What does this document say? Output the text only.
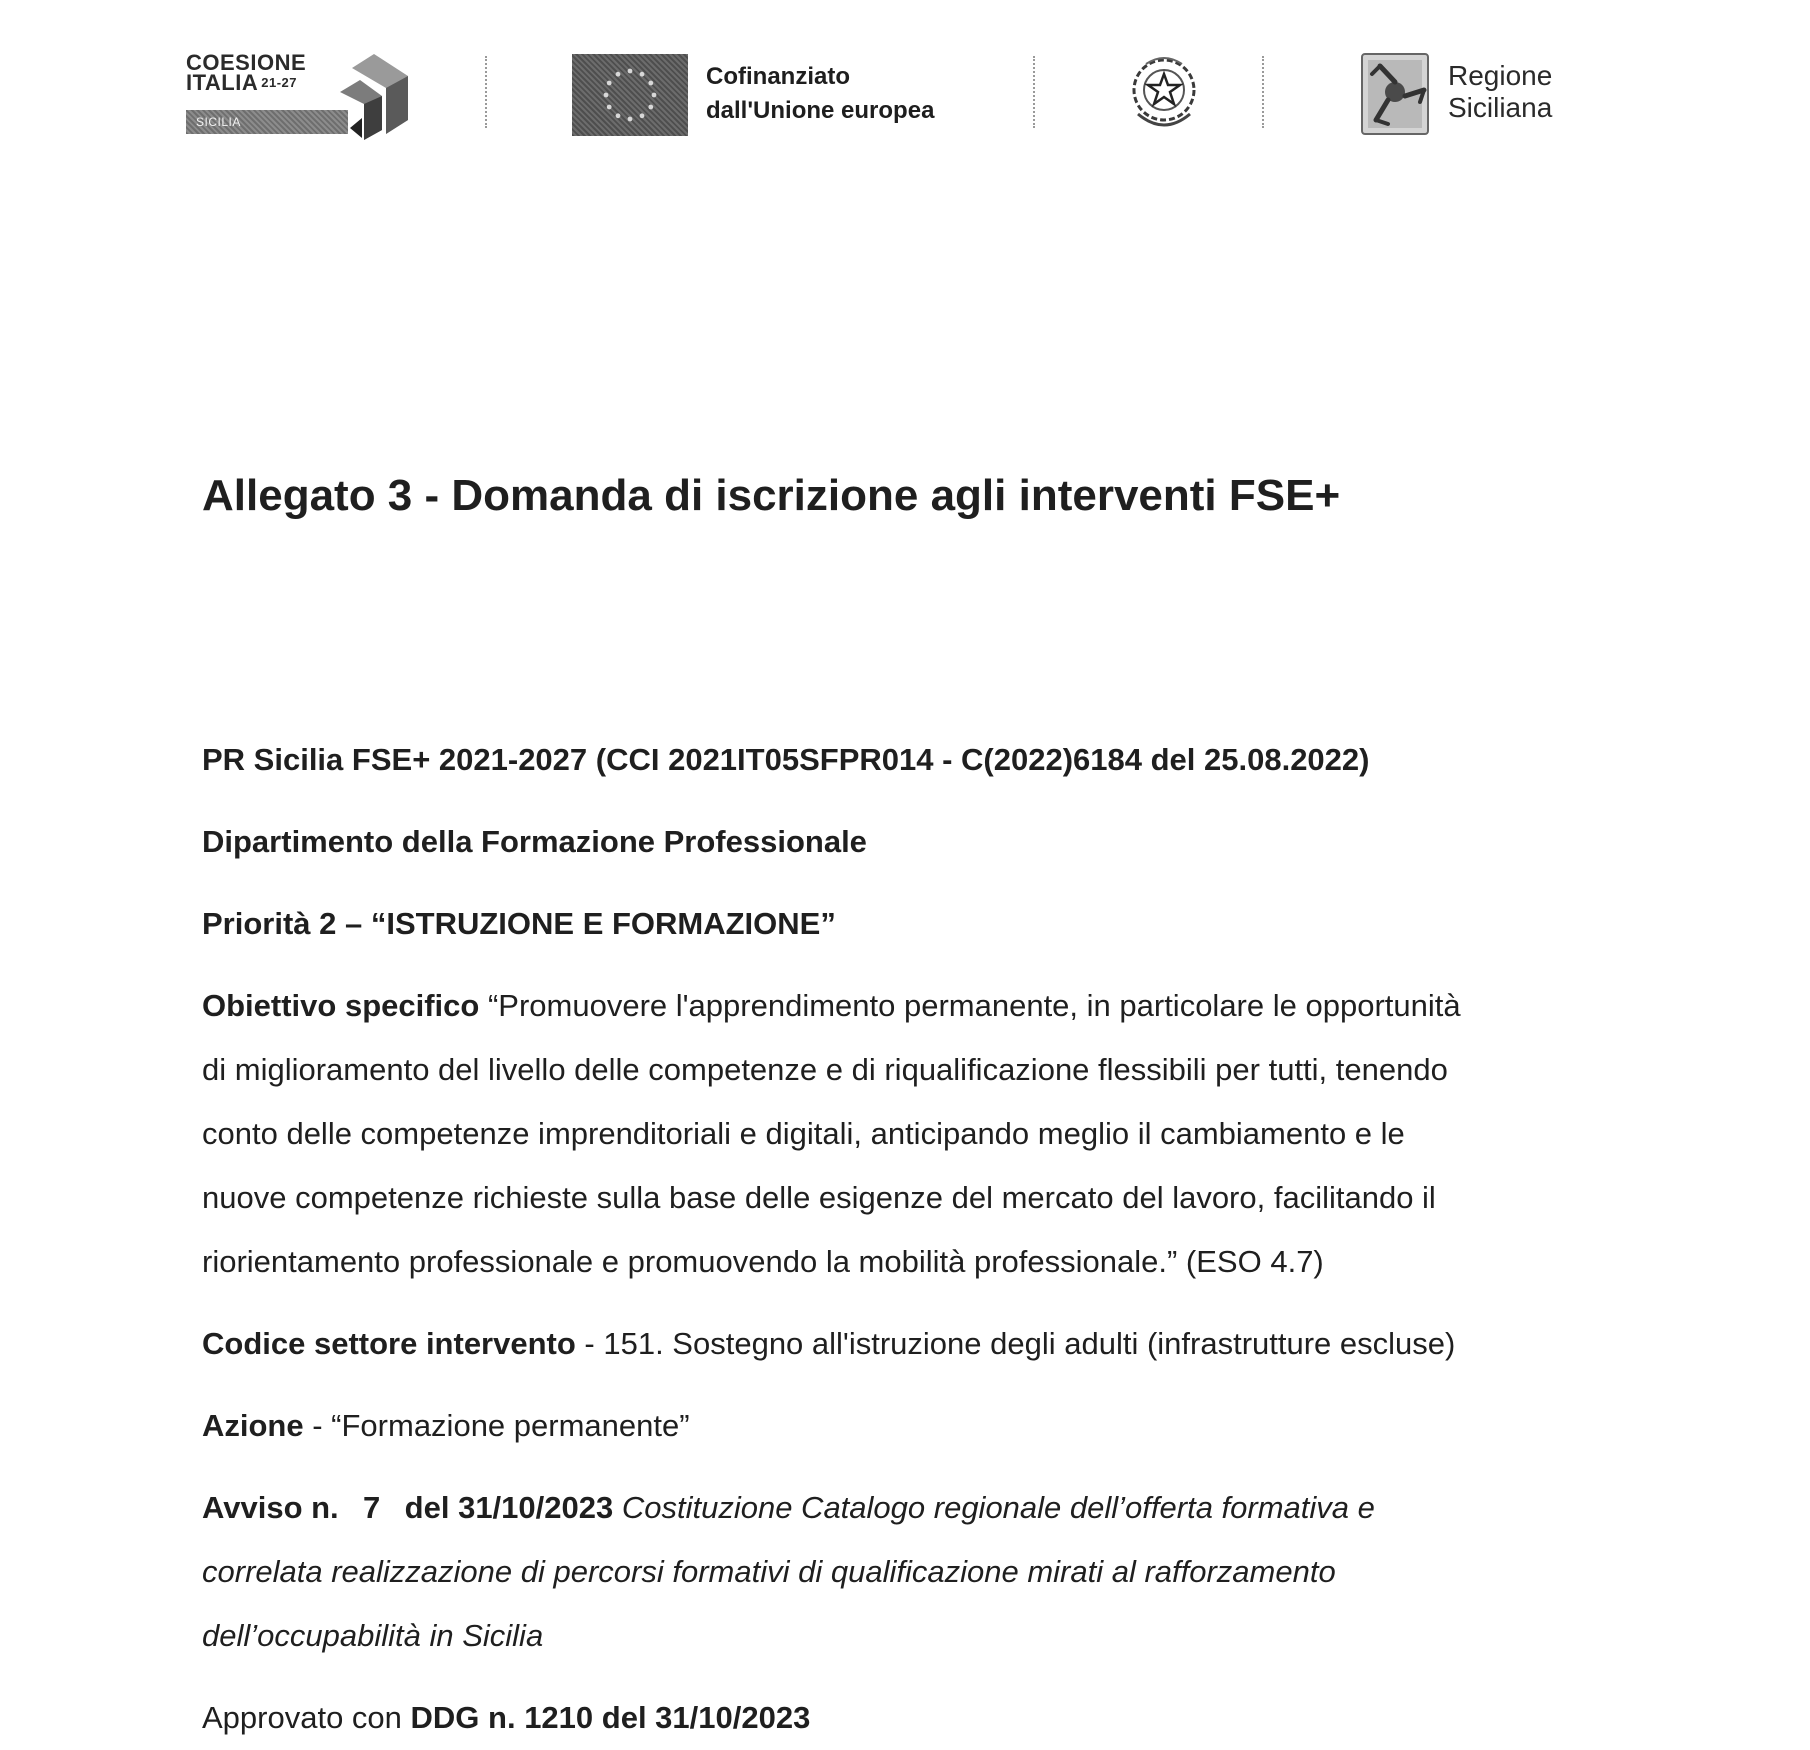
COESIONE
ITALIA $^{21-27}$
SICILIA
Cofinanziato
dall'Unione europea
Regione
Siciliana
Allegato 3 - Domanda di iscrizione agli interventi FSE+

PR Sicilia FSE+ 2021-2027 (CCI 2021IT05SFPR014 - C(2022)6184 del 25.08.2022)

Dipartimento della Formazione Professionale

Priorità 2 – “ISTRUZIONE E FORMAZIONE”

Obiettivo specifico “Promuovere l'apprendimento permanente, in particolare le opportunità

di miglioramento del livello delle competenze e di riqualificazione flessibili per tutti, tenendo

conto delle competenze imprenditoriali e digitali, anticipando meglio il cambiamento e le

nuove competenze richieste sulla base delle esigenze del mercato del lavoro, facilitando il

riorientamento professionale e promuovendo la mobilità professionale.” (ESO 4.7)

Codice settore intervento - 151. Sostegno all'istruzione degli adulti (infrastrutture escluse)

Azione - “Formazione permanente”

Avviso n. 7 del 31/10/2023 Costituzione Catalogo regionale dell’offerta formativa e

correlata realizzazione di percorsi formativi di qualificazione mirati al rafforzamento

dell’occupabilità in Sicilia

Approvato con DDG n. 1210 del 31/10/2023
